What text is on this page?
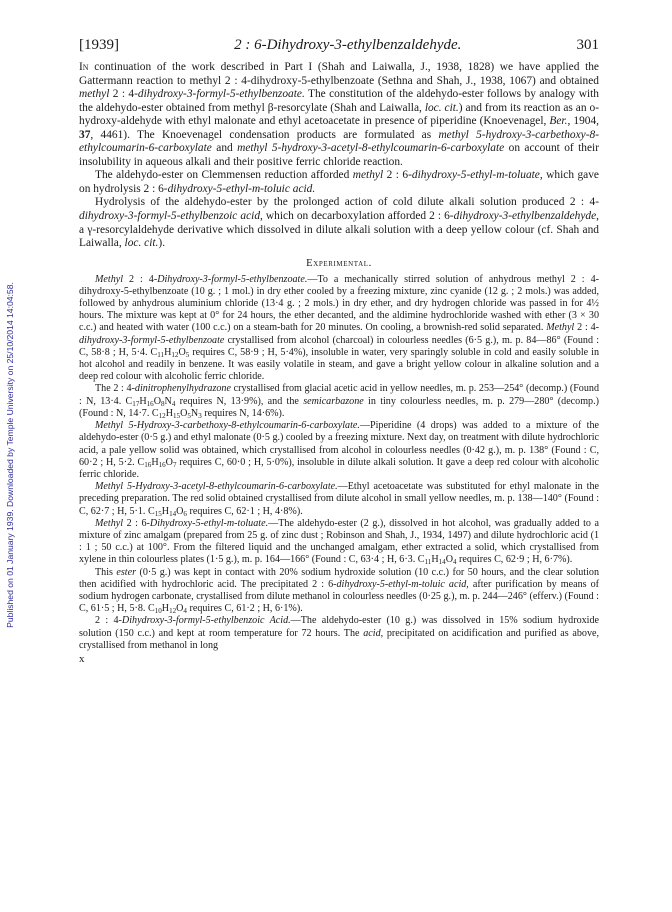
Published on 01 January 1939. Downloaded by Temple University on 25/10/2014 14:04:58.
[1939]	2 : 6-Dihydroxy-3-ethylbenzaldehyde.	301

In continuation of the work described in Part I (Shah and Laiwalla, J., 1938, 1828) we have applied the Gattermann reaction to methyl 2 : 4-dihydroxy-5-ethylbenzoate (Sethna and Shah, J., 1938, 1067) and obtained methyl 2 : 4-dihydroxy-3-formyl-5-ethylbenzoate. The constitution of the aldehydo-ester follows by analogy with the aldehydo-ester obtained from methyl β-resorcylate (Shah and Laiwalla, loc. cit.) and from its reaction as an o-hydroxy-aldehyde with ethyl malonate and ethyl acetoacetate in presence of piperidine (Knoevenagel, Ber., 1904, 37, 4461). The Knoevenagel condensation products are formulated as methyl 5-hydroxy-3-carbethoxy-8-ethylcoumarin-6-carboxylate and methyl 5-hydroxy-3-acetyl-8-ethylcoumarin-6-carboxylate on account of their insolubility in aqueous alkali and their positive ferric chloride reaction.

The aldehydo-ester on Clemmensen reduction afforded methyl 2 : 6-dihydroxy-5-ethyl-m-toluate, which gave on hydrolysis 2 : 6-dihydroxy-5-ethyl-m-toluic acid.

Hydrolysis of the aldehydo-ester by the prolonged action of cold dilute alkali solution produced 2 : 4-dihydroxy-3-formyl-5-ethylbenzoic acid, which on decarboxylation afforded 2 : 6-dihydroxy-3-ethylbenzaldehyde, a γ-resorcylaldehyde derivative which dissolved in dilute alkali solution with a deep yellow colour (cf. Shah and Laiwalla, loc. cit.).

Experimental.

Methyl 2 : 4-Dihydroxy-3-formyl-5-ethylbenzoate.—To a mechanically stirred solution of anhydrous methyl 2 : 4-dihydroxy-5-ethylbenzoate (10 g. ; 1 mol.) in dry ether cooled by a freezing mixture, zinc cyanide (12 g. ; 2 mols.) was added, followed by anhydrous aluminium chloride (13·4 g. ; 2 mols.) in dry ether, and dry hydrogen chloride was passed in for 4½ hours. The mixture was kept at 0° for 24 hours, the ether decanted, and the aldimine hydrochloride washed with ether (3 × 30 c.c.) and heated with water (100 c.c.) on a steam-bath for 20 minutes. On cooling, a brownish-red solid separated. Methyl 2 : 4-dihydroxy-3-formyl-5-ethylbenzoate crystallised from alcohol (charcoal) in colourless needles (6·5 g.), m. p. 84—86° (Found : C, 58·8 ; H, 5·4. $C_{11}H_{12}O_5$ requires C, 58·9 ; H, 5·4%), insoluble in water, very sparingly soluble in cold and easily soluble in hot alcohol and readily in benzene. It was easily volatile in steam, and gave a bright yellow colour in alkaline solution and a deep red colour with alcoholic ferric chloride.

The 2 : 4-dinitrophenylhydrazone crystallised from glacial acetic acid in yellow needles, m. p. 253—254° (decomp.) (Found : N, 13·4. $C_{17}H_{16}O_8N_4$ requires N, 13·9%), and the semicarbazone in tiny colourless needles, m. p. 279—280° (decomp.) (Found : N, 14·7. $C_{12}H_{15}O_5N_3$ requires N, 14·6%).

Methyl 5-Hydroxy-3-carbethoxy-8-ethylcoumarin-6-carboxylate.—Piperidine (4 drops) was added to a mixture of the aldehydo-ester (0·5 g.) and ethyl malonate (0·5 g.) cooled by a freezing mixture. Next day, on treatment with dilute hydrochloric acid, a pale yellow solid was obtained, which crystallised from alcohol in colourless needles (0·42 g.), m. p. 138° (Found : C, 60·2 ; H, 5·2. $C_{16}H_{16}O_7$ requires C, 60·0 ; H, 5·0%), insoluble in dilute alkali solution. It gave a deep red colour with alcoholic ferric chloride.

Methyl 5-Hydroxy-3-acetyl-8-ethylcoumarin-6-carboxylate.—Ethyl acetoacetate was substituted for ethyl malonate in the preceding preparation. The red solid obtained crystallised from dilute alcohol in small yellow needles, m. p. 138—140° (Found : C, 62·7 ; H, 5·1. $C_{15}H_{14}O_6$ requires C, 62·1 ; H, 4·8%).

Methyl 2 : 6-Dihydroxy-5-ethyl-m-toluate.—The aldehydo-ester (2 g.), dissolved in hot alcohol, was gradually added to a mixture of zinc amalgam (prepared from 25 g. of zinc dust ; Robinson and Shah, J., 1934, 1497) and dilute hydrochloric acid (1 : 1 ; 50 c.c.) at 100°. From the filtered liquid and the unchanged amalgam, ether extracted a solid, which crystallised from xylene in thin colourless plates (1·5 g.), m. p. 164—166° (Found : C, 63·4 ; H, 6·3. $C_{11}H_{14}O_4$ requires C, 62·9 ; H, 6·7%).

This ester (0·5 g.) was kept in contact with 20% sodium hydroxide solution (10 c.c.) for 50 hours, and the clear solution then acidified with hydrochloric acid. The precipitated 2 : 6-dihydroxy-5-ethyl-m-toluic acid, after purification by means of sodium hydrogen carbonate, crystallised from dilute methanol in colourless needles (0·25 g.), m. p. 244—246° (efferv.) (Found : C, 61·5 ; H, 5·8. $C_{10}H_{12}O_4$ requires C, 61·2 ; H, 6·1%).

2 : 4-Dihydroxy-3-formyl-5-ethylbenzoic Acid.—The aldehydo-ester (10 g.) was dissolved in 15% sodium hydroxide solution (150 c.c.) and kept at room temperature for 72 hours. The acid, precipitated on acidification and purified as above, crystallised from methanol in long

x
